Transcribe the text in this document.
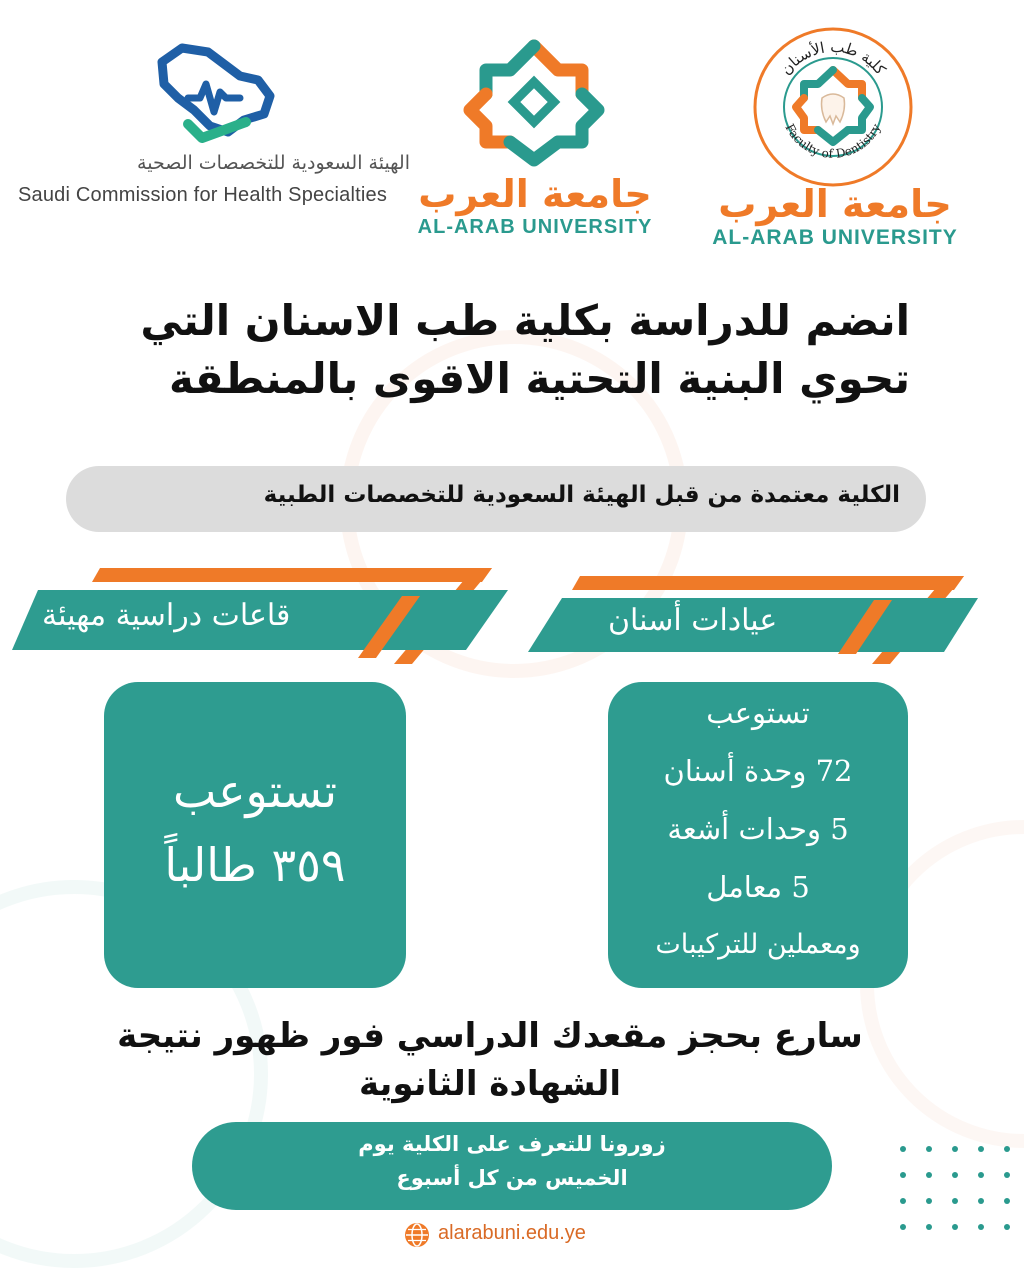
الهيئة السعودية للتخصصات الصحية
Saudi Commission for Health Specialties جامعة العرب
AL-ARAB UNIVERSITY
كلية طب الأسنان
Faculty of Dentistry
جامعة العرب
AL-ARAB UNIVERSITY
انضم للدراسة بكلية طب الاسنان التي
تحوي البنية التحتية الاقوى بالمنطقة
الكلية معتمدة من قبل الهيئة السعودية للتخصصات الطبية
قاعات دراسية مهيئة	عيادات أسنان
تستوعب
٣٥٩ طالباً
تستوعب
72 وحدة أسنان
5 وحدات أشعة
5 معامل
ومعملين للتركيبات
سارع بحجز مقعدك الدراسي فور ظهور نتيجة
الشهادة الثانوية
زورونا للتعرف على الكلية يوم
الخميس من كل أسبوع
alarabuni.edu.ye
